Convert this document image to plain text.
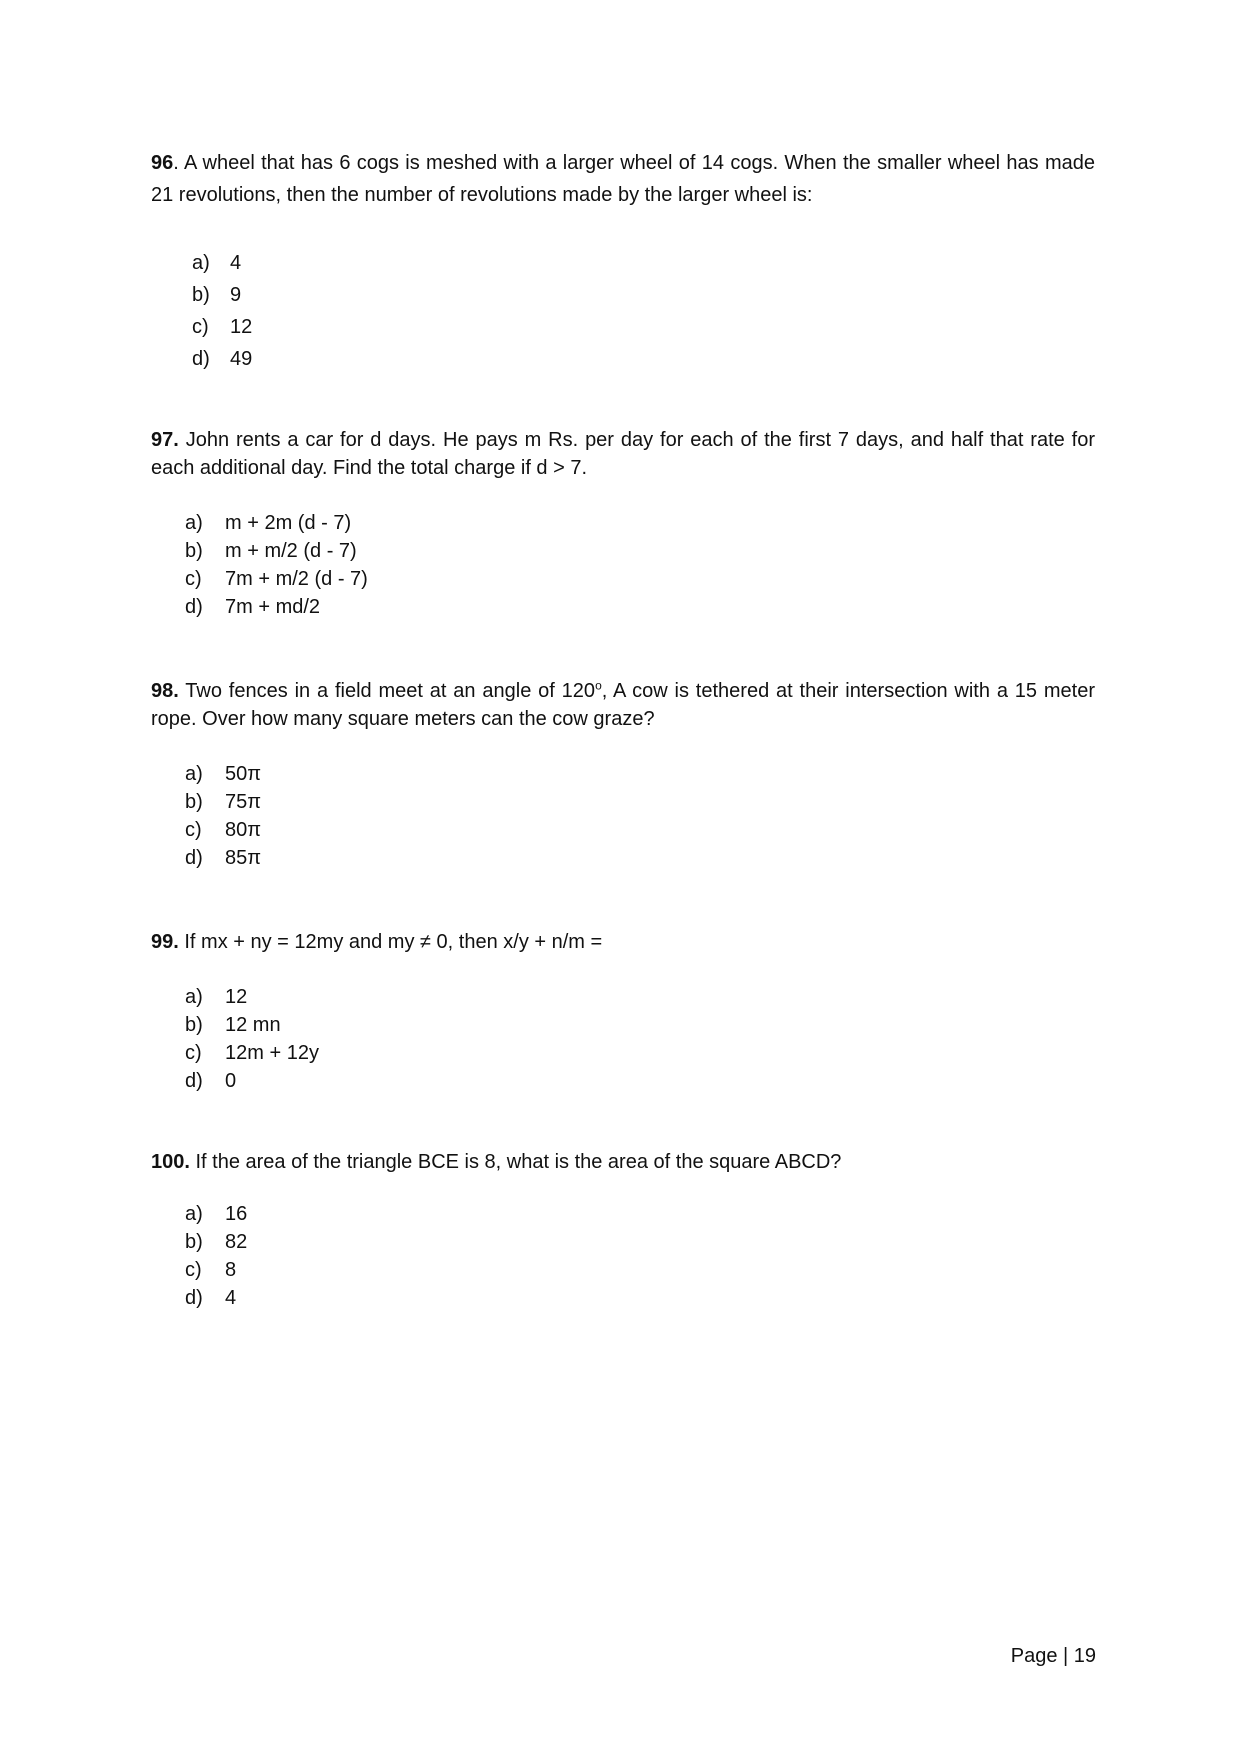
96. A wheel that has 6 cogs is meshed with a larger wheel of 14 cogs. When the smaller wheel has made 21 revolutions, then the number of revolutions made by the larger wheel is:

a)	4
b)	9
c)	12
d)	49

97. John rents a car for d days. He pays m Rs. per day for each of the first 7 days, and half that rate for each additional day. Find the total charge if d > 7.

a)	m + 2m (d - 7)
b)	m + m/2 (d - 7)
c)	7m + m/2 (d - 7)
d)	7m + md/2

98. Two fences in a field meet at an angle of 120$^o$, A cow is tethered at their intersection with a 15 meter rope. Over how many square meters can the cow graze?

a)	50π
b)	75π
c)	80π
d)	85π

99. If mx + ny = 12my and my ≠ 0, then x/y + n/m =

a)	12
b)	12 mn
c)	12m + 12y
d)	0

100. If the area of the triangle BCE is 8, what is the area of the square ABCD?

a)	16
b)	82
c)	8
d)	4
Page | 19
